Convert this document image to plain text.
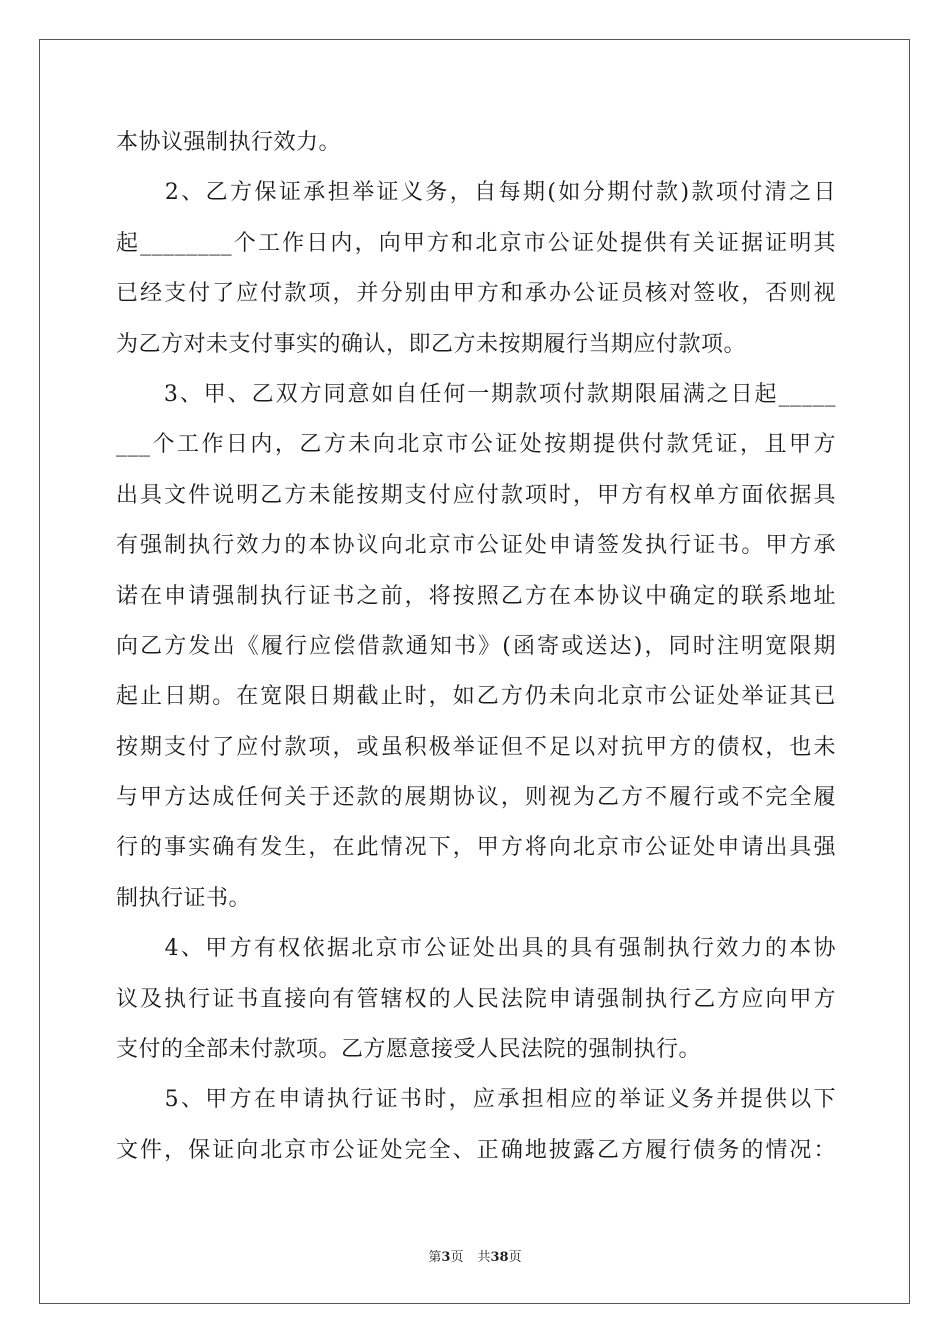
本协议强制执行效力。
　　2、乙方保证承担举证义务，自每期(如分期付款)款项付清之日
起________个工作日内，向甲方和北京市公证处提供有关证据证明其
已经支付了应付款项，并分别由甲方和承办公证员核对签收，否则视
为乙方对未支付事实的确认，即乙方未按期履行当期应付款项。
　　3、甲、乙双方同意如自任何一期款项付款期限届满之日起_____
___个工作日内，乙方未向北京市公证处按期提供付款凭证，且甲方
出具文件说明乙方未能按期支付应付款项时，甲方有权单方面依据具
有强制执行效力的本协议向北京市公证处申请签发执行证书。甲方承
诺在申请强制执行证书之前，将按照乙方在本协议中确定的联系地址
向乙方发出《履行应偿借款通知书》(函寄或送达)，同时注明宽限期
起止日期。在宽限日期截止时，如乙方仍未向北京市公证处举证其已
按期支付了应付款项，或虽积极举证但不足以对抗甲方的债权，也未
与甲方达成任何关于还款的展期协议，则视为乙方不履行或不完全履
行的事实确有发生，在此情况下，甲方将向北京市公证处申请出具强
制执行证书。
　　4、甲方有权依据北京市公证处出具的具有强制执行效力的本协
议及执行证书直接向有管辖权的人民法院申请强制执行乙方应向甲方
支付的全部未付款项。乙方愿意接受人民法院的强制执行。
　　5、甲方在申请执行证书时，应承担相应的举证义务并提供以下
文件，保证向北京市公证处完全、正确地披露乙方履行债务的情况：
第3页 共38页
